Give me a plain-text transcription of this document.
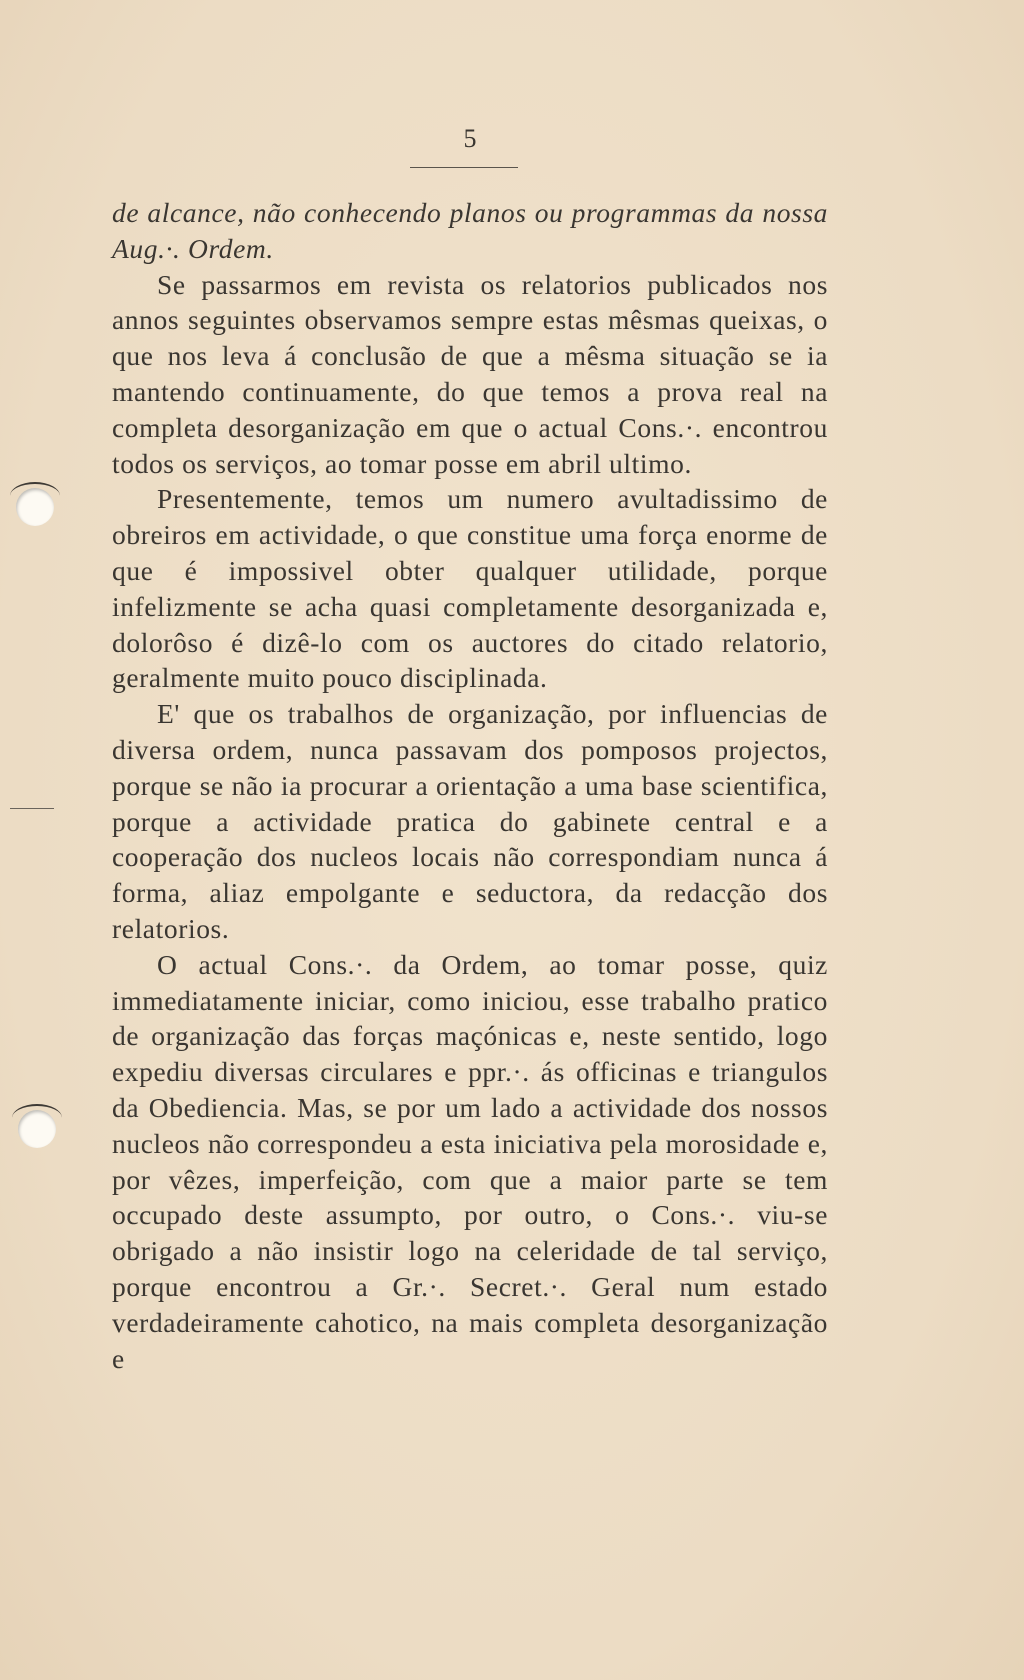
5

de alcance, não conhecendo planos ou programmas da nossa Aug.·. Ordem.

Se passarmos em revista os relatorios publicados nos annos seguintes observamos sempre estas mêsmas queixas, o que nos leva á conclusão de que a mêsma situação se ia mantendo continuamente, do que temos a prova real na completa desorganização em que o actual Cons.·. encontrou todos os serviços, ao tomar posse em abril ultimo.

Presentemente, temos um numero avultadissimo de obreiros em actividade, o que constitue uma força enorme de que é impossivel obter qualquer utilidade, porque infelizmente se acha quasi completamente desorganizada e, dolorôso é dizê-lo com os auctores do citado relatorio, geralmente muito pouco disciplinada.

E' que os trabalhos de organização, por influencias de diversa ordem, nunca passavam dos pomposos projectos, porque se não ia procurar a orientação a uma base scientifica, porque a actividade pratica do gabinete central e a cooperação dos nucleos locais não correspondiam nunca á forma, aliaz empolgante e seductora, da redacção dos relatorios.

O actual Cons.·. da Ordem, ao tomar posse, quiz immediatamente iniciar, como iniciou, esse trabalho pratico de organização das forças maçónicas e, neste sentido, logo expediu diversas circulares e ppr.·. ás officinas e triangulos da Obediencia. Mas, se por um lado a actividade dos nossos nucleos não correspondeu a esta iniciativa pela morosidade e, por vêzes, imperfeição, com que a maior parte se tem occupado deste assumpto, por outro, o Cons.·. viu-se obrigado a não insistir logo na celeridade de tal serviço, porque encontrou a Gr.·. Secret.·. Geral num estado verdadeiramente cahotico, na mais completa desorganização e
